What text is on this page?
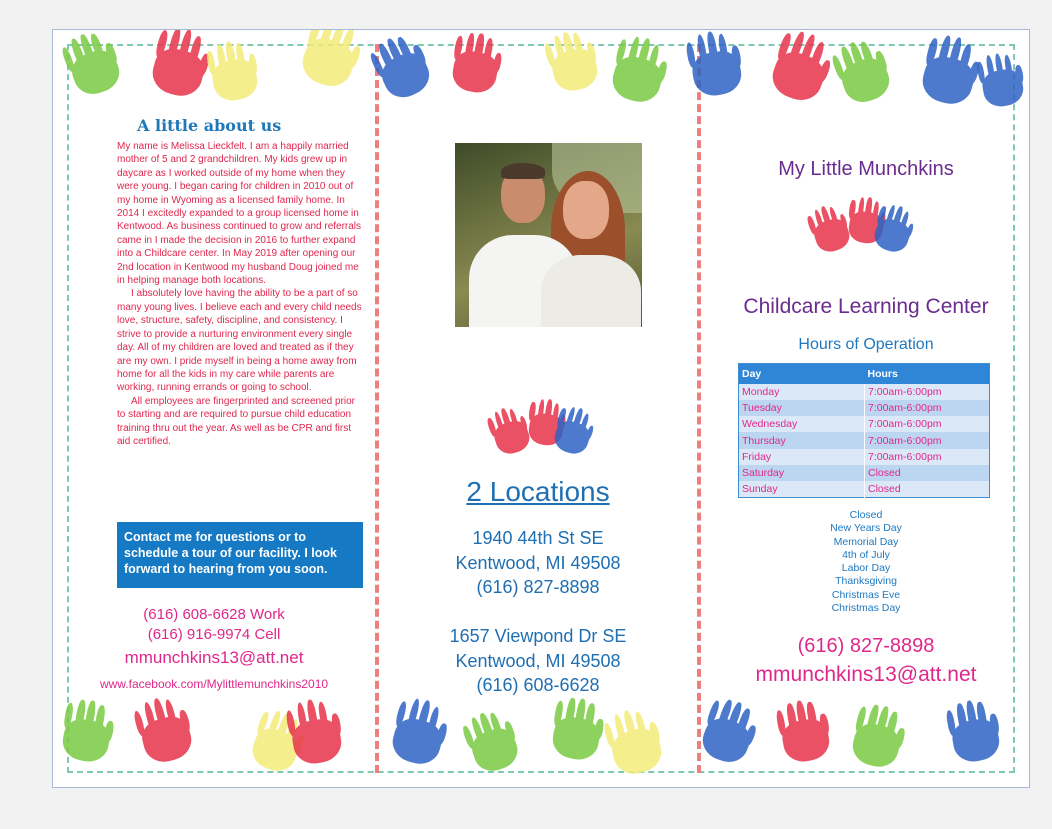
A little about us

My name is Melissa Lieckfelt. I am a happily married mother of 5 and 2 grandchildren. My kids grew up in daycare as I worked outside of my home when they were young. I began caring for children in 2010 out of my home in Wyoming as a licensed family home. In 2014 I excitedly expanded to a group licensed home in Kentwood. As business continued to grow and referrals came in I made the decision in 2016 to further expand into a Childcare center. In May 2019 after opening our 2nd location in Kentwood my husband Doug joined me in helping manage both locations.

I absolutely love having the ability to be a part of so many young lives. I believe each and every child needs love, structure, safety, discipline, and consistency. I strive to provide a nurturing environment every single day. All of my children are loved and treated as if they are my own. I pride myself in being a home away from home for all the kids in my care while parents are working, running errands or going to school.

All employees are fingerprinted and screened prior to starting and are required to pursue child education training thru out the year. As well as be CPR and first aid certified.

Contact me for questions or to schedule a tour of our facility. I look forward to hearing from you soon.
(616) 608-6628 Work
(616) 916-9974 Cell
mmunchkins13@att.net
www.facebook.com/Mylittlemunchkins2010
2 Locations
1940 44th St SE
Kentwood, MI 49508
(616) 827-8898
1657 Viewpond Dr SE
Kentwood, MI 49508
(616) 608-6628
My Little Munchkins
Childcare Learning Center
Hours of Operation
Day	Hours
Monday	7:00am-6:00pm
Tuesday	7:00am-6:00pm
Wednesday	7:00am-6:00pm
Thursday	7:00am-6:00pm
Friday	7:00am-6:00pm
Saturday	Closed
Sunday	Closed
Closed
New Years Day
Memorial Day
4th of July
Labor Day
Thanksgiving
Christmas Eve
Christmas Day
(616) 827-8898
mmunchkins13@att.net
